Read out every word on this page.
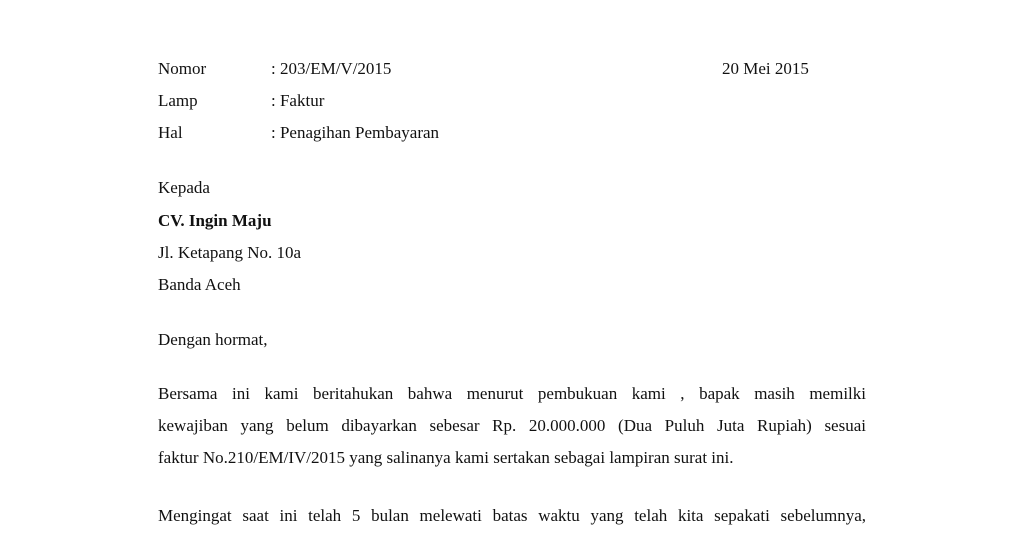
Nomor	: 203/EM/V/2015	20 Mei 2015
Lamp	: Faktur
Hal	: Penagihan Pembayaran
Kepada
CV. Ingin Maju
Jl. Ketapang No. 10a
Banda Aceh
Dengan hormat,
Bersama ini kami beritahukan bahwa menurut pembukuan kami , bapak masih memilki
kewajiban yang belum dibayarkan sebesar Rp. 20.000.000 (Dua Puluh Juta Rupiah) sesuai
faktur No.210/EM/IV/2015 yang salinanya kami sertakan sebagai lampiran surat ini.
Mengingat saat ini telah 5 bulan melewati batas waktu yang telah kita sepakati sebelumnya,
